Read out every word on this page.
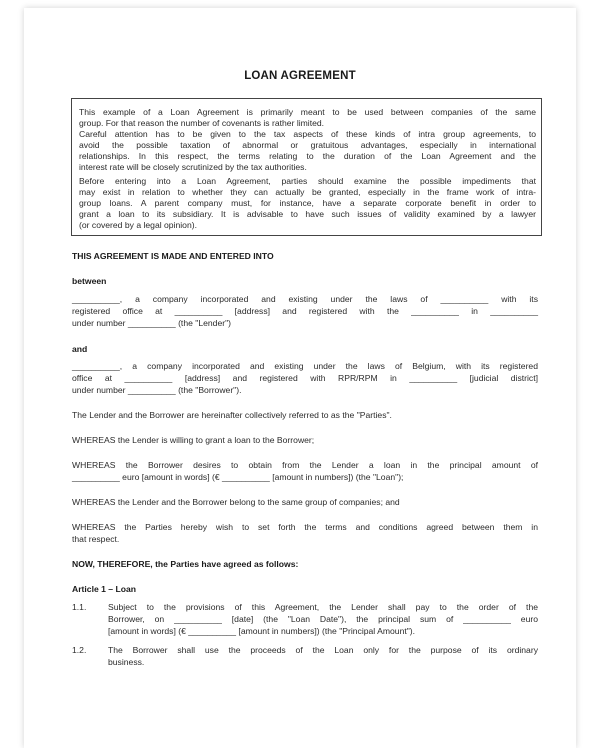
LOAN AGREEMENT
This example of a Loan Agreement is primarily meant to be used between companies of the same
group. For that reason the number of covenants is rather limited.
Careful attention has to be given to the tax aspects of these kinds of intra group agreements, to
avoid the possible taxation of abnormal or gratuitous advantages, especially in international
relationships. In this respect, the terms relating to the duration of the Loan Agreement and the
interest rate will be closely scrutinized by the tax authorities.
Before entering into a Loan Agreement, parties should examine the possible impediments that
may exist in relation to whether they can actually be granted, especially in the frame work of intra-
group loans. A parent company must, for instance, have a separate corporate benefit in order to
grant a loan to its subsidiary. It is advisable to have such issues of validity examined by a lawyer
(or covered by a legal opinion).
THIS AGREEMENT IS MADE AND ENTERED INTO
between
__________, a company incorporated and existing under the laws of __________ with its
registered office at __________ [address] and registered with the __________ in __________
under number __________ (the "Lender")
and
__________, a company incorporated and existing under the laws of Belgium, with its registered
office at __________ [address] and registered with RPR/RPM in __________ [judicial district]
under number __________ (the "Borrower").
The Lender and the Borrower are hereinafter collectively referred to as the "Parties".
WHEREAS the Lender is willing to grant a loan to the Borrower;
WHEREAS the Borrower desires to obtain from the Lender a loan in the principal amount of
__________ euro [amount in words] (€ __________ [amount in numbers]) (the "Loan");
WHEREAS the Lender and the Borrower belong to the same group of companies; and
WHEREAS the Parties hereby wish to set forth the terms and conditions agreed between them in
that respect.
NOW, THEREFORE, the Parties have agreed as follows:
Article 1 – Loan
1.1.	Subject to the provisions of this Agreement, the Lender shall pay to the order of the
Borrower, on __________ [date] (the "Loan Date"), the principal sum of __________ euro
[amount in words] (€ __________ [amount in numbers]) (the "Principal Amount").
1.2.	The Borrower shall use the proceeds of the Loan only for the purpose of its ordinary
business.
